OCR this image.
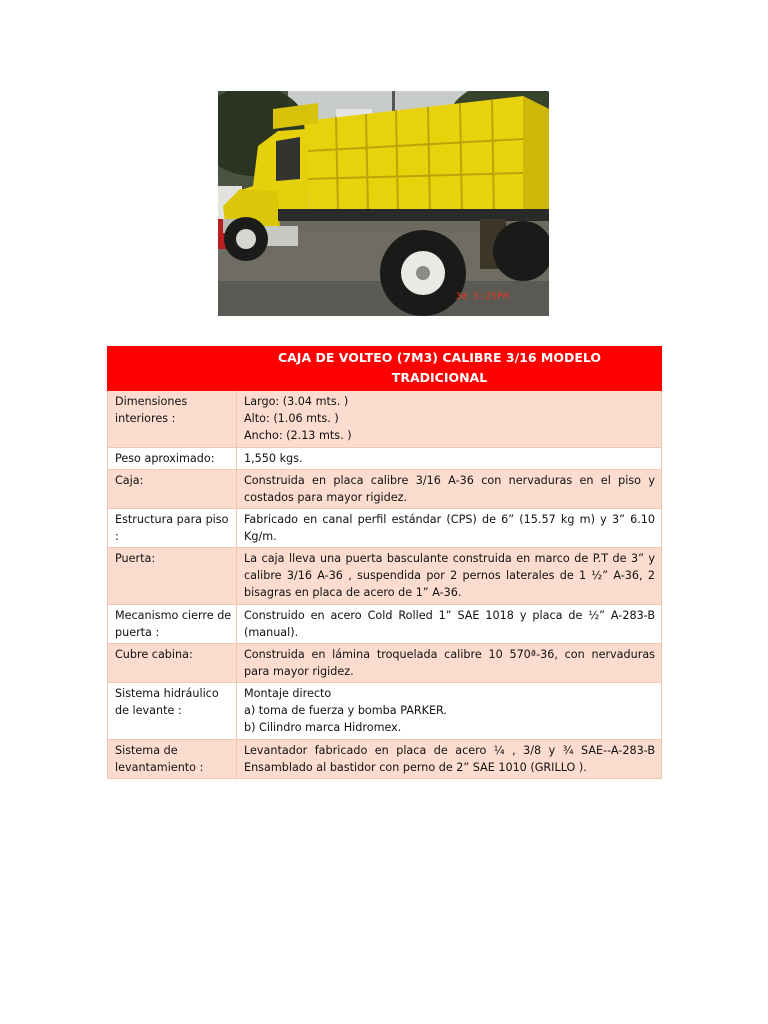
30 5:25PM
CAJA DE VOLTEO (7M3) CALIBRE 3/16 MODELO TRADICIONAL	
Dimensiones interiores :	Largo: (3.04 mts. )
Alto: (1.06 mts. )
Ancho: (2.13 mts. )

Peso aproximado:	1,550 kgs.

Caja:	Construida en placa calibre 3/16 A-36 con nervaduras en el piso y costados para mayor rigidez.

Estructura para piso :	Fabricado en canal perfil estándar (CPS) de 6” (15.57 kg m) y 3” 6.10 Kg/m.

Puerta:	La caja lleva una puerta basculante construida en marco de P.T de 3” y calibre 3/16 A-36 , suspendida por 2 pernos laterales de 1 ½” A-36, 2 bisagras en placa de acero de 1” A-36.

Mecanismo cierre de puerta :	Construido en acero Cold Rolled 1” SAE 1018 y placa de ½” A-283-B (manual).

Cubre cabina:	Construida en lámina troquelada calibre 10 570ª-36, con nervaduras para mayor rigidez.

Sistema hidráulico de levante :	Montaje directo
a) toma de fuerza y bomba PARKER.
b) Cilindro marca Hidromex.

Sistema de levantamiento :	Levantador fabricado en placa de acero ¼ , 3/8 y ¾ SAE--A-283-B Ensamblado al bastidor con perno de 2” SAE 1010 (GRILLO ).
